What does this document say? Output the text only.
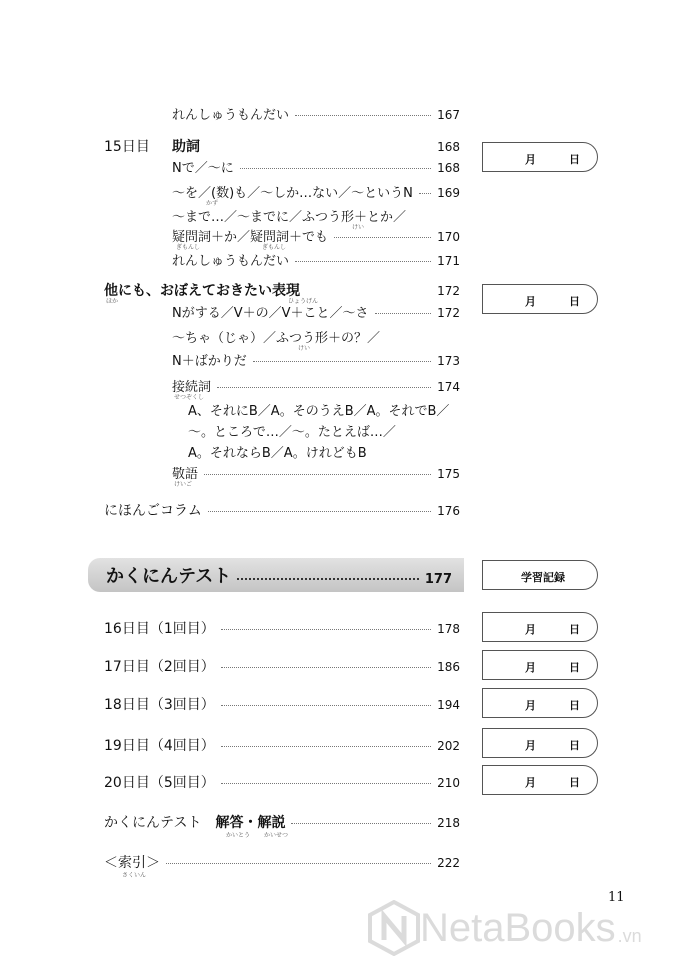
れんしゅうもんだい	167
15日目	助詞	168
月	日
Nで／〜に	168
〜を／(数)も／〜しか…ない／〜というN 169
かず
〜まで…／〜までに／ふつう形＋とか／
けい
疑問詞＋か／疑問詞＋でも	170
ぎもんし	ぎもんし
れんしゅうもんだい	171
他にも、おぼえておきたい表現	172
ほか	ひょうげん	月	日
Nがする／V＋の／V＋こと／〜さ	172
〜ちゃ（じゃ）／ふつう形＋の？／
けい
N＋ばかりだ	173
接続詞	174
せつぞくし
A、それにB／A。そのうえB／A。それでB／
〜。ところで…／〜。たとえば…／
A。それならB／A。けれどもB
敬語	175
けいご
にほんごコラム	176
かくにんテスト	177	学習記録
16日目（1回目）	178	月	日
17日目（2回目）	186	月	日
18日目（3回目）	194	月	日
19日目（4回目）	202	月	日
20日目（5回目）	210	月	日
かくにんテスト 解答・解説	218
かいとう かいせつ
＜索引＞	222
さくいん
11
NetaBooks .vn
